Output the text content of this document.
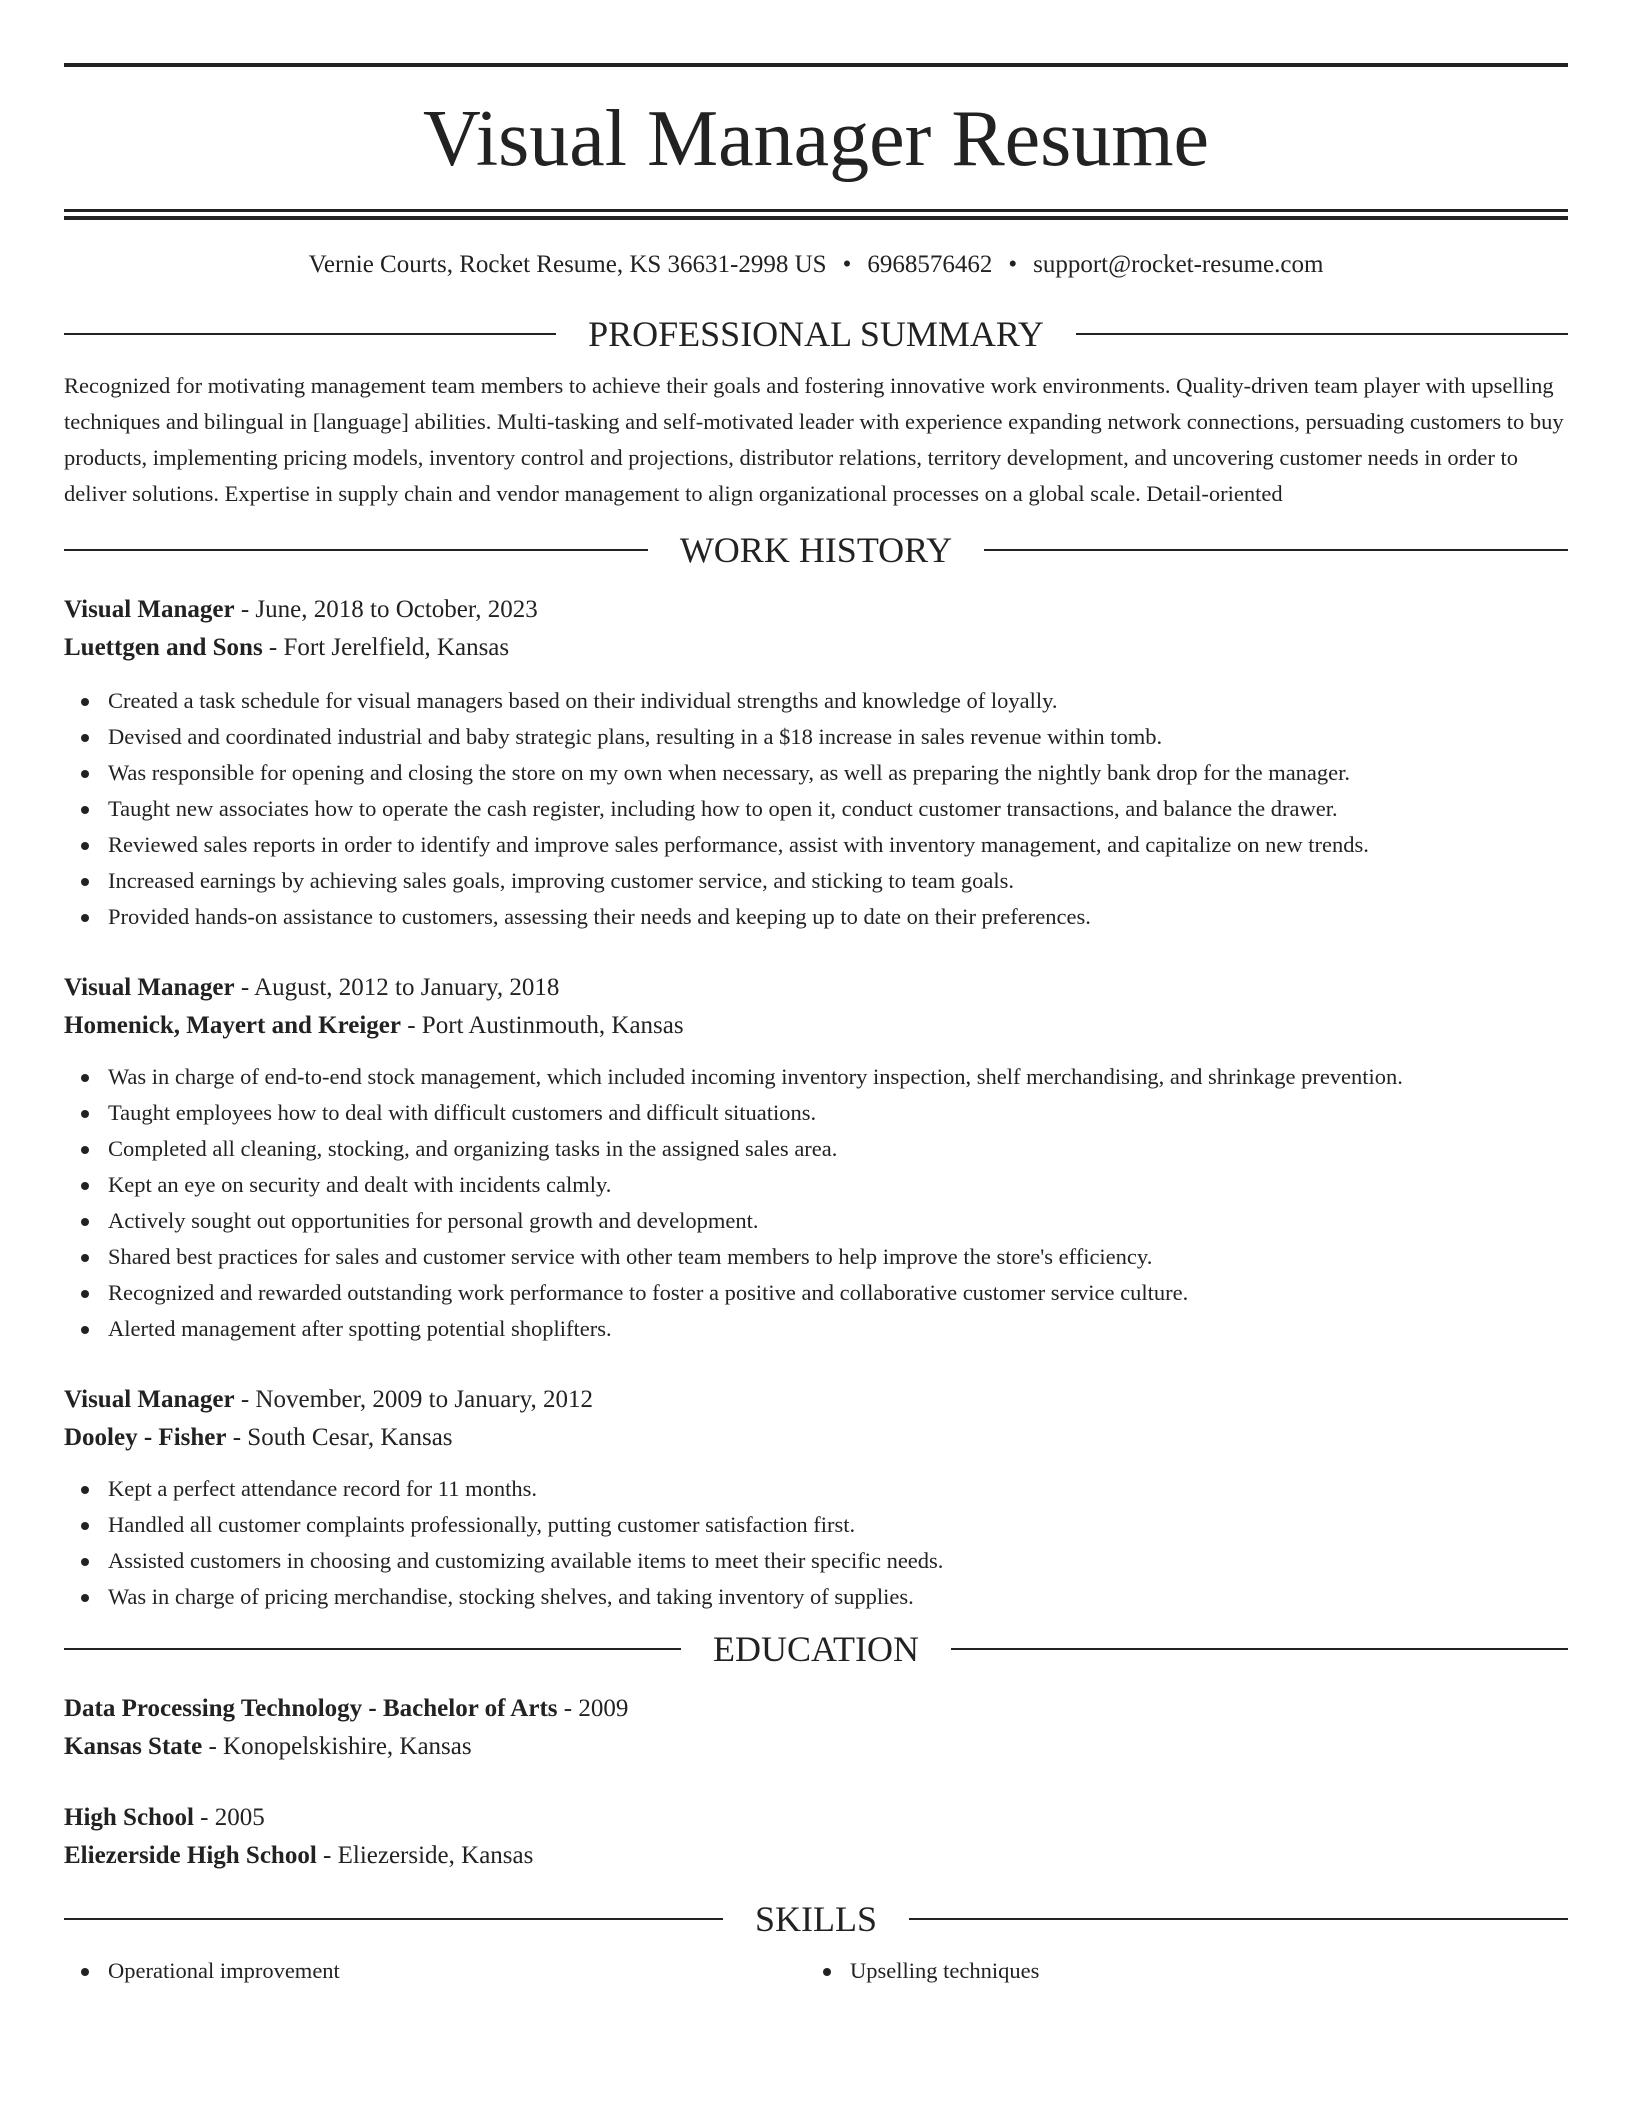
Visual Manager Resume
Vernie Courts, Rocket Resume, KS 36631-2998 US • 6968576462 • support@rocket-resume.com
PROFESSIONAL SUMMARY

Recognized for motivating management team members to achieve their goals and fostering innovative work environments. Quality-driven team player with upselling techniques and bilingual in [language] abilities. Multi-tasking and self-motivated leader with experience expanding network connections, persuading customers to buy products, implementing pricing models, inventory control and projections, distributor relations, territory development, and uncovering customer needs in order to deliver solutions. Expertise in supply chain and vendor management to align organizational processes on a global scale. Detail-oriented

WORK HISTORY
Visual Manager - June, 2018 to October, 2023
Luettgen and Sons - Fort Jerelfield, Kansas
Created a task schedule for visual managers based on their individual strengths and knowledge of loyally.
Devised and coordinated industrial and baby strategic plans, resulting in a $18 increase in sales revenue within tomb.
Was responsible for opening and closing the store on my own when necessary, as well as preparing the nightly bank drop for the manager.
Taught new associates how to operate the cash register, including how to open it, conduct customer transactions, and balance the drawer.
Reviewed sales reports in order to identify and improve sales performance, assist with inventory management, and capitalize on new trends.
Increased earnings by achieving sales goals, improving customer service, and sticking to team goals.
Provided hands-on assistance to customers, assessing their needs and keeping up to date on their preferences.
Visual Manager - August, 2012 to January, 2018
Homenick, Mayert and Kreiger - Port Austinmouth, Kansas
Was in charge of end-to-end stock management, which included incoming inventory inspection, shelf merchandising, and shrinkage prevention.
Taught employees how to deal with difficult customers and difficult situations.
Completed all cleaning, stocking, and organizing tasks in the assigned sales area.
Kept an eye on security and dealt with incidents calmly.
Actively sought out opportunities for personal growth and development.
Shared best practices for sales and customer service with other team members to help improve the store's efficiency.
Recognized and rewarded outstanding work performance to foster a positive and collaborative customer service culture.
Alerted management after spotting potential shoplifters.
Visual Manager - November, 2009 to January, 2012
Dooley - Fisher - South Cesar, Kansas
Kept a perfect attendance record for 11 months.
Handled all customer complaints professionally, putting customer satisfaction first.
Assisted customers in choosing and customizing available items to meet their specific needs.
Was in charge of pricing merchandise, stocking shelves, and taking inventory of supplies.
EDUCATION
Data Processing Technology - Bachelor of Arts - 2009
Kansas State - Konopelskishire, Kansas
High School - 2005
Eliezerside High School - Eliezerside, Kansas
SKILLS
Operational improvement	Upselling techniques
